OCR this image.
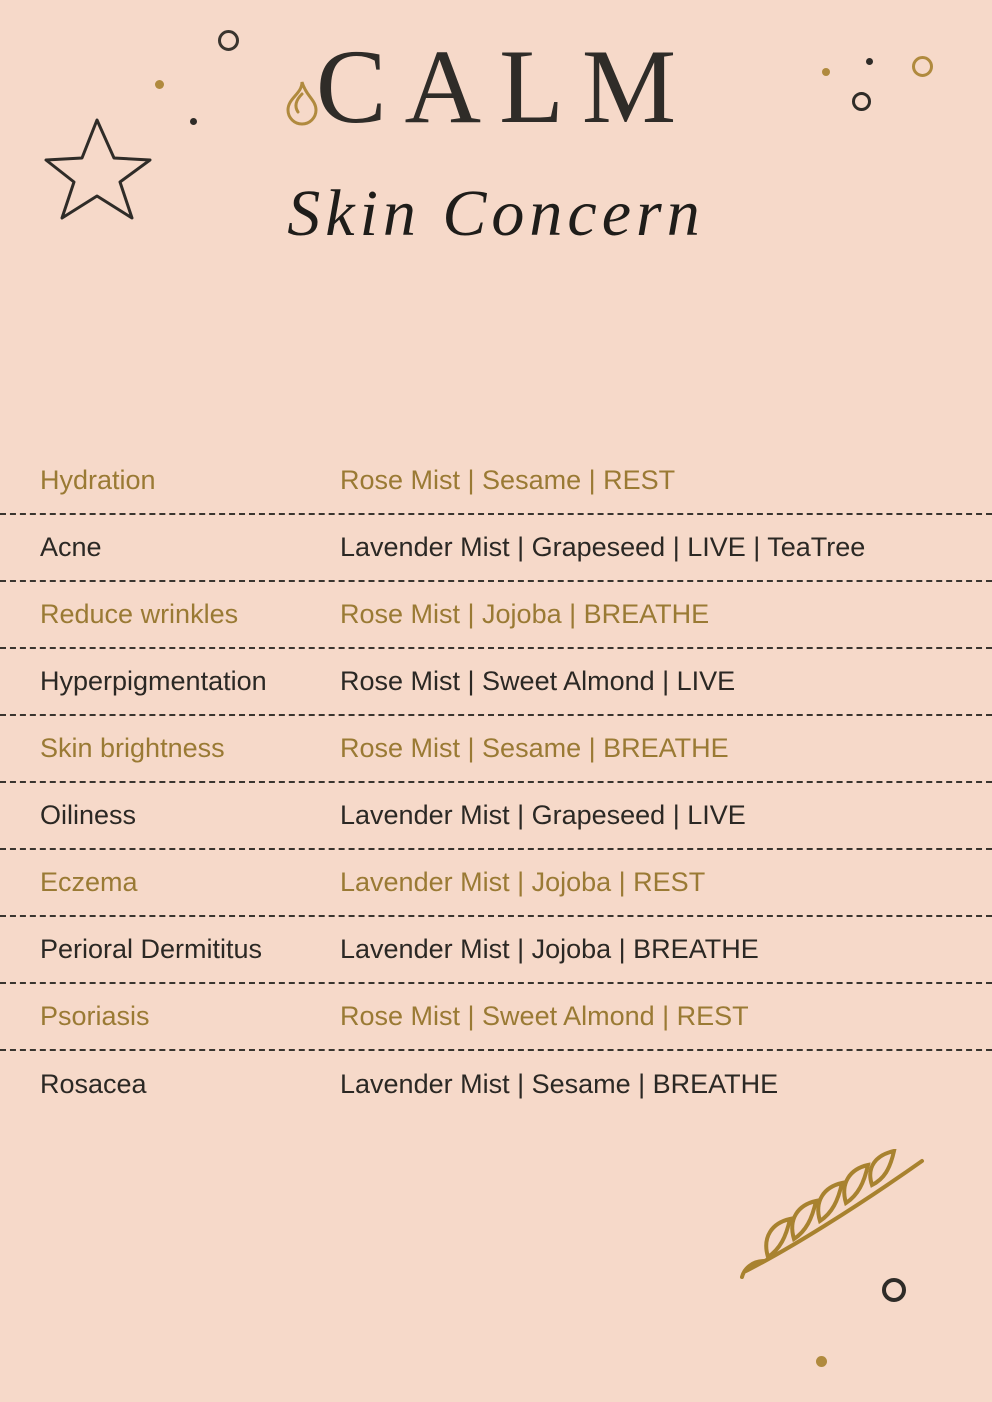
CALM
Skin Concern
Hydration	Rose Mist | Sesame | REST
Acne	Lavender Mist | Grapeseed | LIVE | TeaTree
Reduce wrinkles	Rose Mist | Jojoba | BREATHE
Hyperpigmentation	Rose Mist | Sweet Almond | LIVE
Skin brightness	Rose Mist | Sesame | BREATHE
Oiliness	Lavender Mist | Grapeseed | LIVE
Eczema	Lavender Mist | Jojoba | REST
Perioral Dermititus	Lavender Mist | Jojoba | BREATHE
Psoriasis	Rose Mist | Sweet Almond | REST
Rosacea	Lavender Mist | Sesame | BREATHE
